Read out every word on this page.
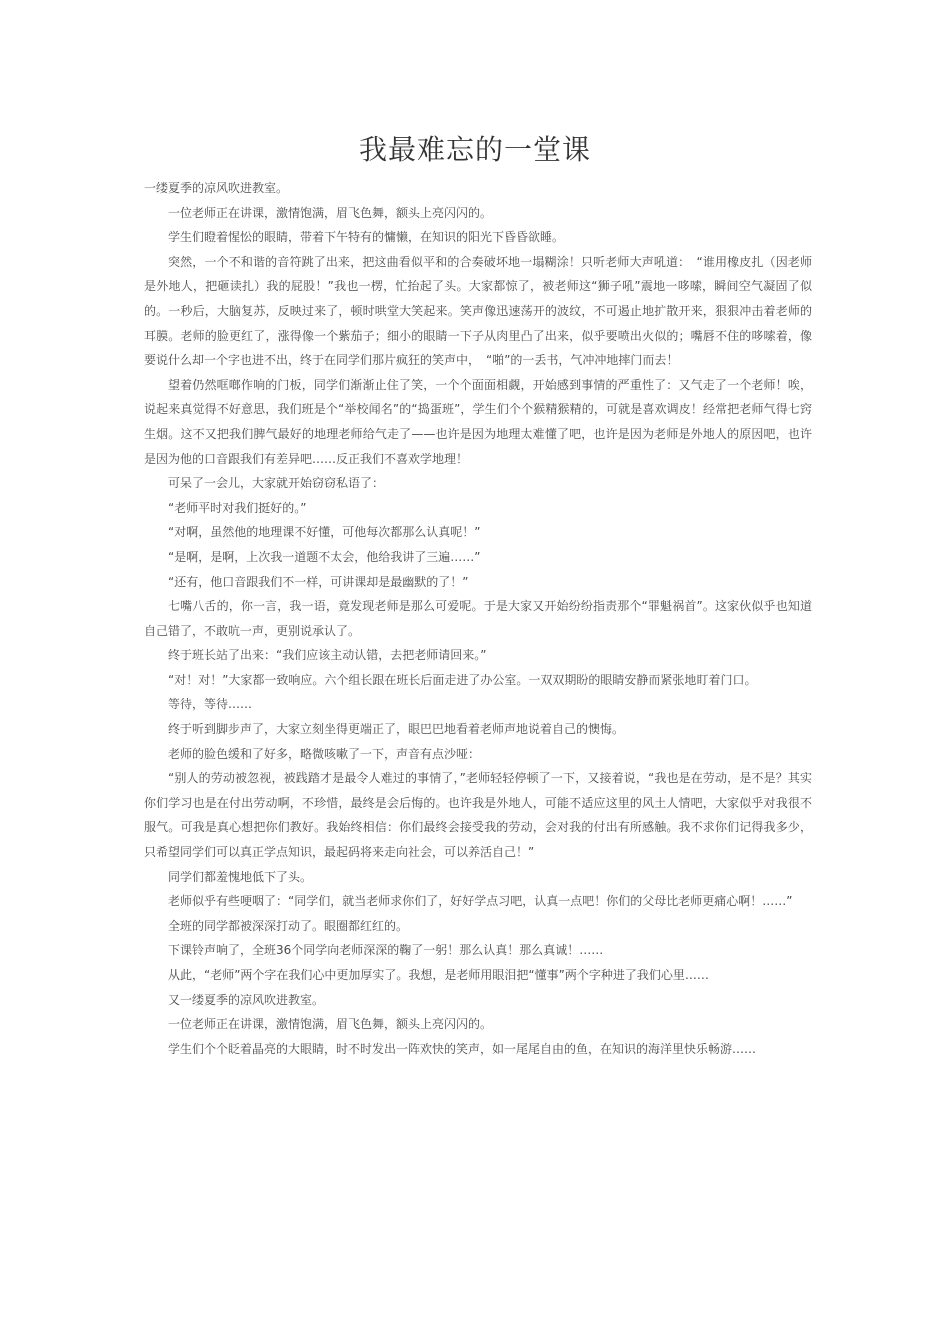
我最难忘的一堂课

一缕夏季的凉风吹进教室。

一位老师正在讲课，激情饱满，眉飞色舞，额头上亮闪闪的。

学生们瞪着惺忪的眼睛，带着下午特有的慵懒，在知识的阳光下昏昏欲睡。

突然，一个不和谐的音符跳了出来，把这曲看似平和的合奏破坏地一塌糊涂！只听老师大声吼道：　“谁用橡皮扎（因老师是外地人，把砸读扎）我的屁股！”我也一楞，忙抬起了头。大家都惊了，被老师这“狮子吼”震地一哆嗦，瞬间空气凝固了似的。一秒后，大脑复苏，反映过来了，顿时哄堂大笑起来。笑声像迅速荡开的波纹，不可遏止地扩散开来，狠狠冲击着老师的耳膜。老师的脸更红了，涨得像一个紫茄子；细小的眼睛一下子从肉里凸了出来，似乎要喷出火似的；嘴唇不住的哆嗦着，像要说什么却一个字也进不出，终于在同学们那片疯狂的笑声中，　“啪”的一丢书，气冲冲地摔门而去！

望着仍然哐啷作响的门板，同学们渐渐止住了笑，一个个面面相觑，开始感到事情的严重性了：又气走了一个老师！唉，说起来真觉得不好意思，我们班是个“举校闻名”的“捣蛋班”，学生们个个猴精猴精的，可就是喜欢调皮！经常把老师气得七窍生烟。这不又把我们脾气最好的地理老师给气走了——也许是因为地理太难懂了吧，也许是因为老师是外地人的原因吧，也许是因为他的口音跟我们有差异吧……反正我们不喜欢学地理！

可呆了一会儿，大家就开始窃窃私语了：

“老师平时对我们挺好的。”

“对啊，虽然他的地理课不好懂，可他每次都那么认真呢！”

“是啊，是啊，上次我一道题不太会，他给我讲了三遍……”

“还有，他口音跟我们不一样，可讲课却是最幽默的了！”

七嘴八舌的，你一言，我一语，竟发现老师是那么可爱呢。于是大家又开始纷纷指责那个“罪魁祸首”。这家伙似乎也知道自己错了，不敢吭一声，更别说承认了。

终于班长站了出来：“我们应该主动认错，去把老师请回来。”

“对！对！”大家都一致响应。六个组长跟在班长后面走进了办公室。一双双期盼的眼睛安静而紧张地盯着门口。

等待，等待……

终于听到脚步声了，大家立刻坐得更端正了，眼巴巴地看着老师声地说着自己的懊悔。

老师的脸色缓和了好多，略微咳嗽了一下，声音有点沙哑：

“别人的劳动被忽视，被践踏才是最令人难过的事情了，”老师轻轻停顿了一下，又接着说，“我也是在劳动，是不是？其实你们学习也是在付出劳动啊，不珍惜，最终是会后悔的。也许我是外地人，可能不适应这里的风土人情吧，大家似乎对我很不服气。可我是真心想把你们教好。我始终相信：你们最终会接受我的劳动，会对我的付出有所感触。我不求你们记得我多少，只希望同学们可以真正学点知识，最起码将来走向社会，可以养活自己！”

同学们都羞愧地低下了头。

老师似乎有些哽咽了：“同学们，就当老师求你们了，好好学点习吧，认真一点吧！你们的父母比老师更痛心啊！……”

全班的同学都被深深打动了。眼圈都红红的。

下课铃声响了，全班36个同学向老师深深的鞠了一躬！那么认真！那么真诚！……

从此，“老师”两个字在我们心中更加厚实了。我想，是老师用眼泪把“懂事”两个字种进了我们心里……

又一缕夏季的凉风吹进教室。

一位老师正在讲课，激情饱满，眉飞色舞，额头上亮闪闪的。

学生们个个眨着晶亮的大眼睛，时不时发出一阵欢快的笑声，如一尾尾自由的鱼，在知识的海洋里快乐畅游……
